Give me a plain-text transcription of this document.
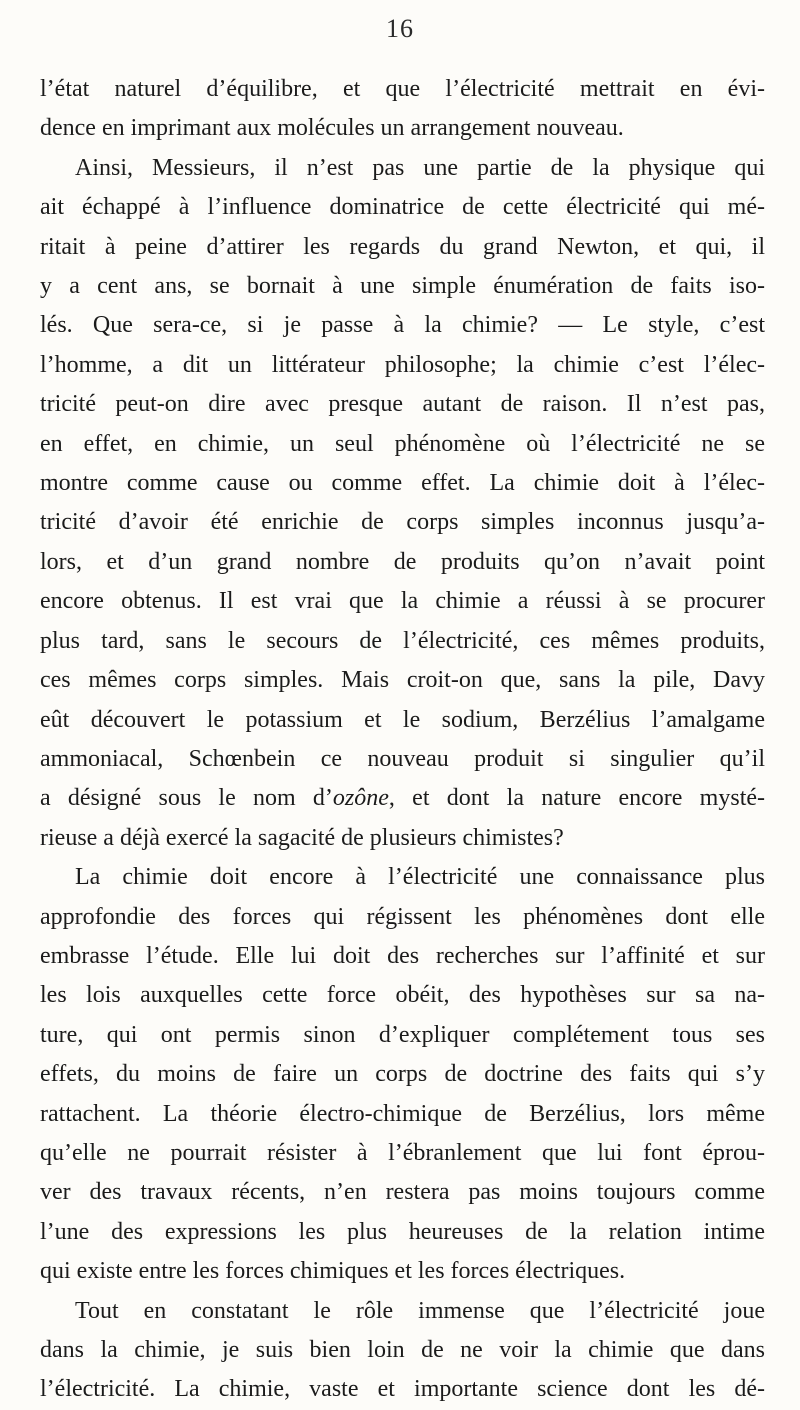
16
l’état naturel d’équilibre, et que l’électricité mettrait en évi-
dence en imprimant aux molécules un arrangement nouveau.
Ainsi, Messieurs, il n’est pas une partie de la physique qui
ait échappé à l’influence dominatrice de cette électricité qui mé-
ritait à peine d’attirer les regards du grand Newton, et qui, il
y a cent ans, se bornait à une simple énumération de faits iso-
lés. Que sera-ce, si je passe à la chimie? — Le style, c’est
l’homme, a dit un littérateur philosophe; la chimie c’est l’élec-
tricité peut-on dire avec presque autant de raison. Il n’est pas,
en effet, en chimie, un seul phénomène où l’électricité ne se
montre comme cause ou comme effet. La chimie doit à l’élec-
tricité d’avoir été enrichie de corps simples inconnus jusqu’a-
lors, et d’un grand nombre de produits qu’on n’avait point
encore obtenus. Il est vrai que la chimie a réussi à se procurer
plus tard, sans le secours de l’électricité, ces mêmes produits,
ces mêmes corps simples. Mais croit-on que, sans la pile, Davy
eût découvert le potassium et le sodium, Berzélius l’amalgame
ammoniacal, Schœnbein ce nouveau produit si singulier qu’il
a désigné sous le nom d’ozône, et dont la nature encore mysté-
rieuse a déjà exercé la sagacité de plusieurs chimistes?
La chimie doit encore à l’électricité une connaissance plus
approfondie des forces qui régissent les phénomènes dont elle
embrasse l’étude. Elle lui doit des recherches sur l’affinité et sur
les lois auxquelles cette force obéit, des hypothèses sur sa na-
ture, qui ont permis sinon d’expliquer complétement tous ses
effets, du moins de faire un corps de doctrine des faits qui s’y
rattachent. La théorie électro-chimique de Berzélius, lors même
qu’elle ne pourrait résister à l’ébranlement que lui font éprou-
ver des travaux récents, n’en restera pas moins toujours comme
l’une des expressions les plus heureuses de la relation intime
qui existe entre les forces chimiques et les forces électriques.
Tout en constatant le rôle immense que l’électricité joue
dans la chimie, je suis bien loin de ne voir la chimie que dans
l’électricité. La chimie, vaste et importante science dont les dé-
